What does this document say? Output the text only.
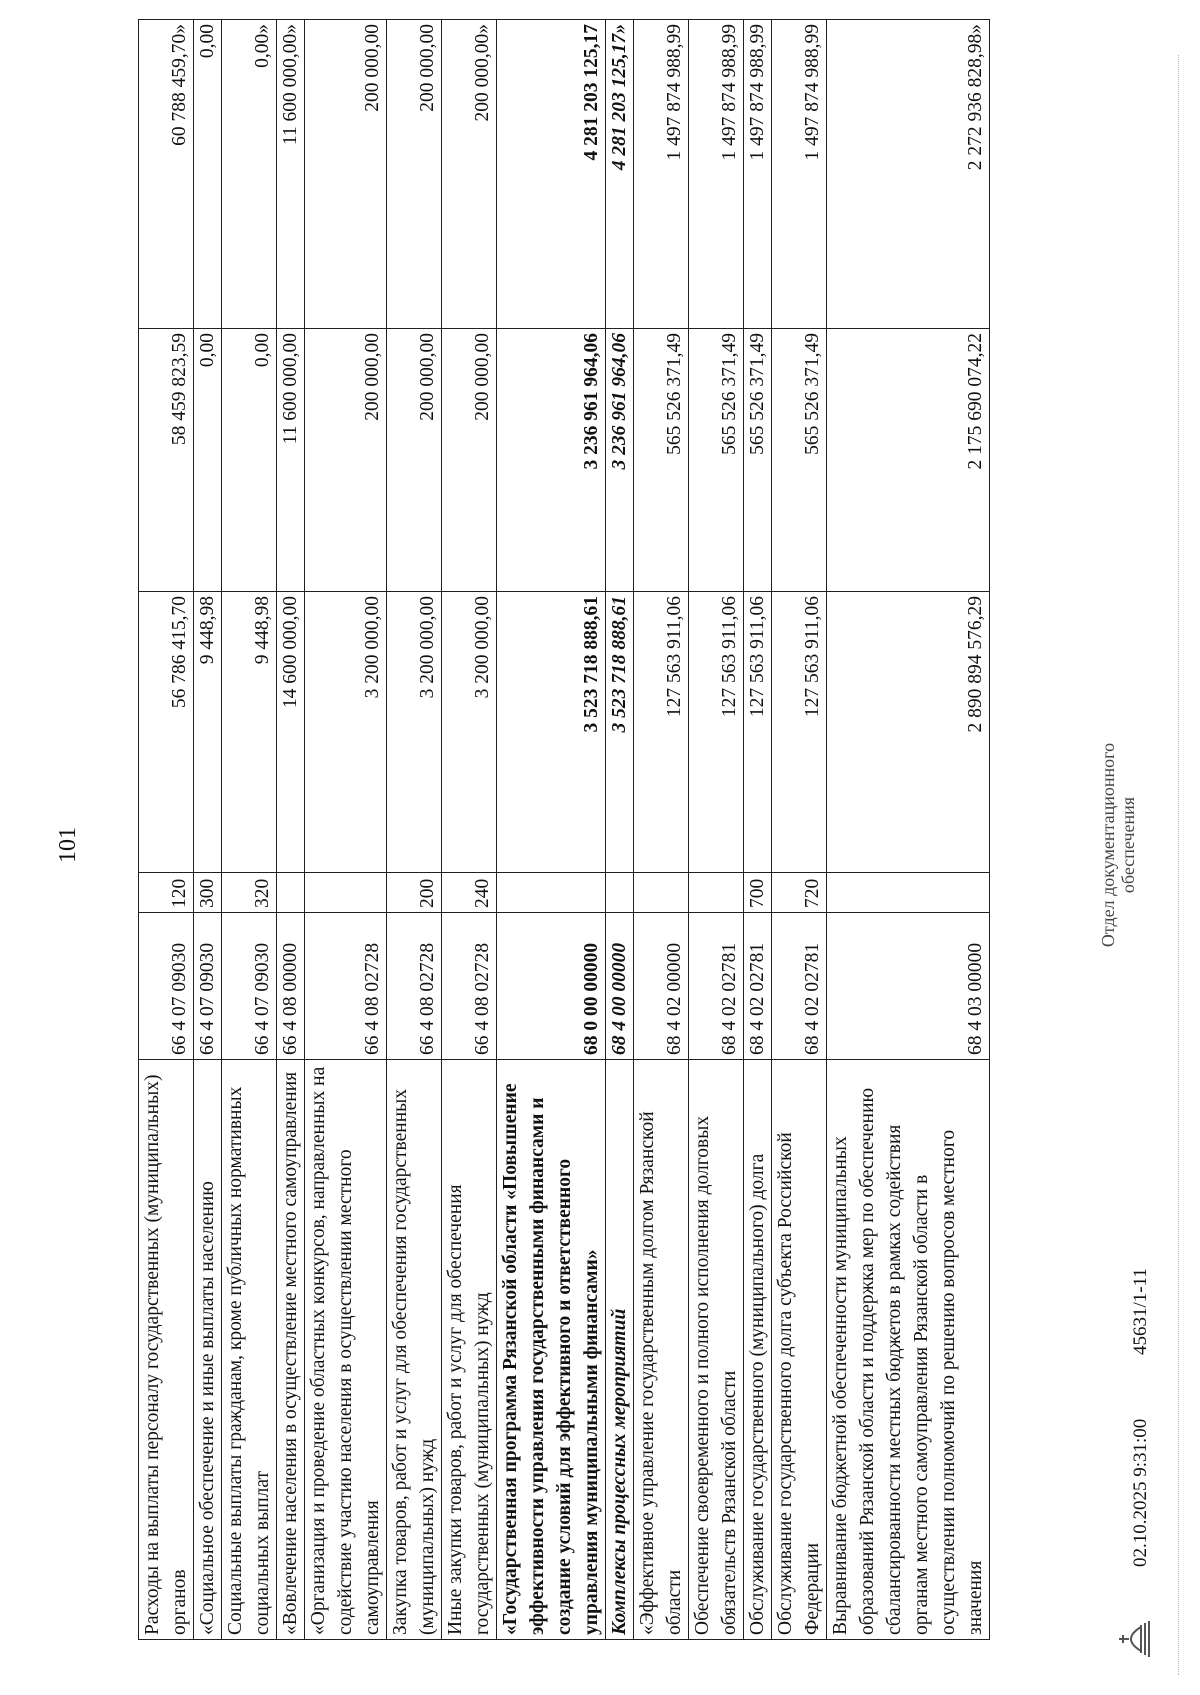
101
Расходы на выплаты персоналу государственных (муниципальных) органов	66 4 07 09030	120	56 786 415,70	58 459 823,59	60 788 459,70»
«Социальное обеспечение и иные выплаты населению	66 4 07 09030	300	9 448,98	0,00	0,00
Социальные выплаты гражданам, кроме публичных нормативных социальных выплат	66 4 07 09030	320	9 448,98	0,00	0,00»
«Вовлечение населения в осуществление местного самоуправления	66 4 08 00000		14 600 000,00	11 600 000,00	11 600 000,00»
«Организация и проведение областных конкурсов, направленных на содействие участию населения в осуществлении местного самоуправления	66 4 08 02728		3 200 000,00	200 000,00	200 000,00
Закупка товаров, работ и услуг для обеспечения государственных (муниципальных) нужд	66 4 08 02728	200	3 200 000,00	200 000,00	200 000,00
Иные закупки товаров, работ и услуг для обеспечения государственных (муниципальных) нужд	66 4 08 02728	240	3 200 000,00	200 000,00	200 000,00»
«Государственная программа Рязанской области «Повышение эффективности управления государственными финансами и создание условий для эффективного и ответственного управления муниципальными финансами»	68 0 00 00000		3 523 718 888,61	3 236 961 964,06	4 281 203 125,17
Комплексы процессных мероприятий	68 4 00 00000		3 523 718 888,61	3 236 961 964,06	4 281 203 125,17»
«Эффективное управление государственным долгом Рязанской области	68 4 02 00000		127 563 911,06	565 526 371,49	1 497 874 988,99
Обеспечение своевременного и полного исполнения долговых обязательств Рязанской области	68 4 02 02781		127 563 911,06	565 526 371,49	1 497 874 988,99
Обслуживание государственного (муниципального) долга	68 4 02 02781	700	127 563 911,06	565 526 371,49	1 497 874 988,99
Обслуживание государственного долга субъекта Российской Федерации	68 4 02 02781	720	127 563 911,06	565 526 371,49	1 497 874 988,99
Выравнивание бюджетной обеспеченности муниципальных образований Рязанской области и поддержка мер по обеспечению сбалансированности местных бюджетов в рамках содействия органам местного самоуправления Рязанской области в осуществлении полномочий по решению вопросов местного значения	68 4 03 00000		2 890 894 576,29	2 175 690 074,22	2 272 936 828,98»
02.10.2025 9:31:00
45631/1-11
Отдел документационного обеспечения
